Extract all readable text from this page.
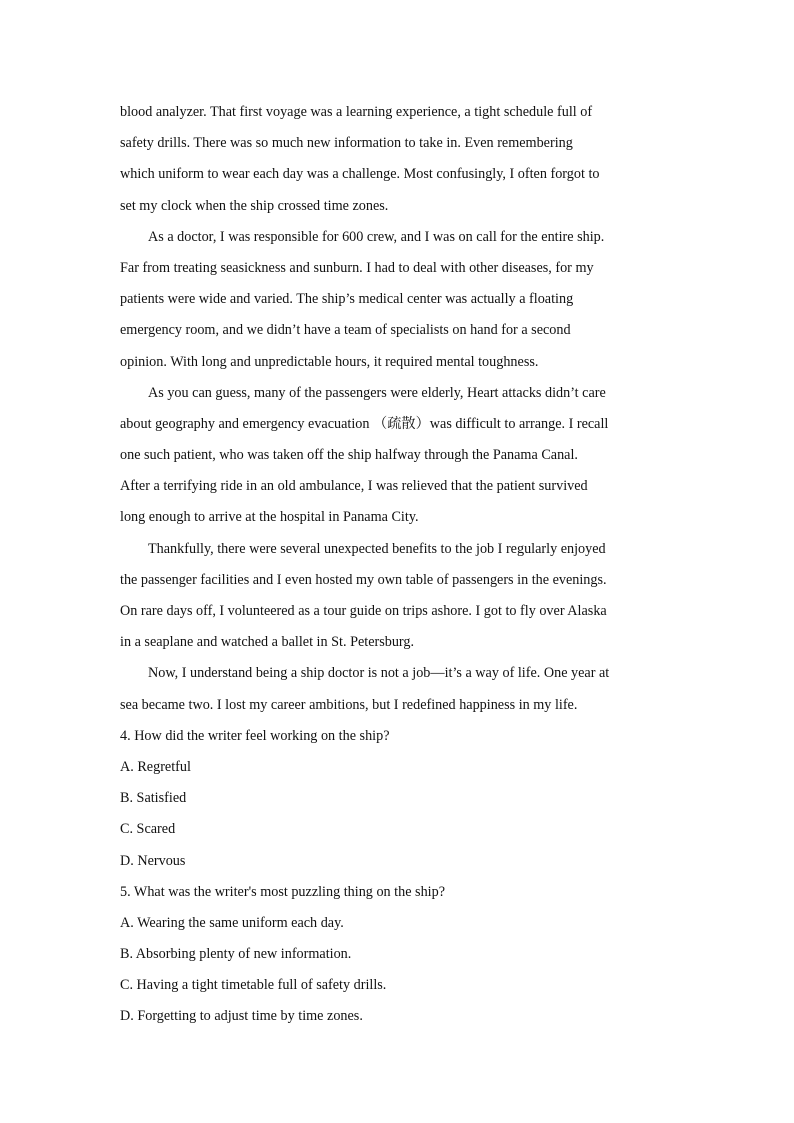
blood analyzer. That first voyage was a learning experience, a tight schedule full of
safety drills. There was so much new information to take in. Even remembering
which uniform to wear each day was a challenge. Most confusingly, I often forgot to
set my clock when the ship crossed time zones.
As a doctor, I was responsible for 600 crew, and I was on call for the entire ship.
Far from treating seasickness and sunburn. I had to deal with other diseases, for my
patients were wide and varied. The ship’s medical center was actually a floating
emergency room, and we didn’t have a team of specialists on hand for a second
opinion. With long and unpredictable hours, it required mental toughness.
As you can guess, many of the passengers were elderly, Heart attacks didn’t care
about geography and emergency evacuation （疏散）was difficult to arrange. I recall
one such patient, who was taken off the ship halfway through the Panama Canal.
After a terrifying ride in an old ambulance, I was relieved that the patient survived
long enough to arrive at the hospital in Panama City.
Thankfully, there were several unexpected benefits to the job I regularly enjoyed
the passenger facilities and I even hosted my own table of passengers in the evenings.
On rare days off, I volunteered as a tour guide on trips ashore. I got to fly over Alaska
in a seaplane and watched a ballet in St. Petersburg.
Now, I understand being a ship doctor is not a job—it’s a way of life. One year at
sea became two. I lost my career ambitions, but I redefined happiness in my life.
4. How did the writer feel working on the ship?
A. Regretful
B. Satisfied
C. Scared
D. Nervous
5. What was the writer's most puzzling thing on the ship?
A. Wearing the same uniform each day.
B. Absorbing plenty of new information.
C. Having a tight timetable full of safety drills.
D. Forgetting to adjust time by time zones.
